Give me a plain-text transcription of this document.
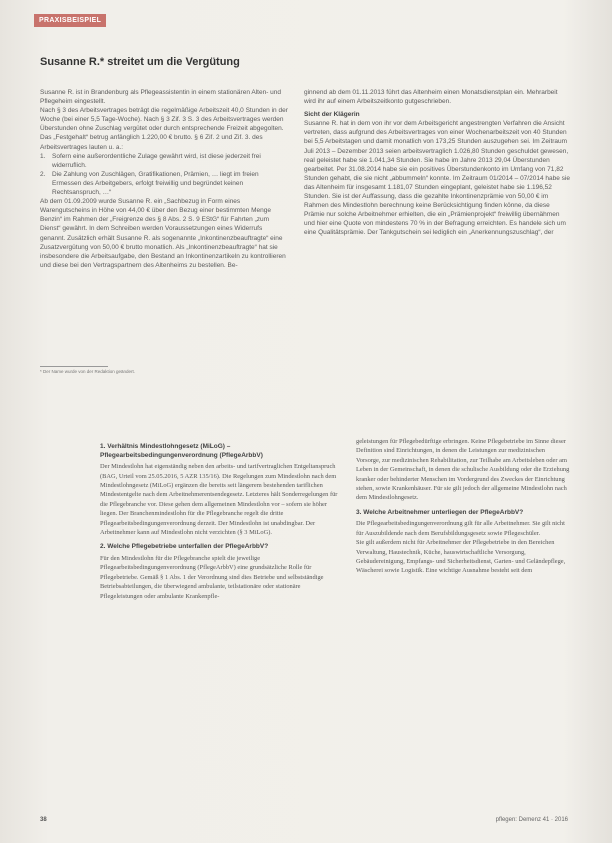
PRAXISBEISPIEL
Susanne R.* streitet um die Vergütung

Susanne R. ist in Brandenburg als Pflegeassistentin in einem stationären Alten- und Pflegeheim eingestellt.

Nach § 3 des Arbeitsvertrages beträgt die regelmäßige Arbeitszeit 40,0 Stunden in der Woche (bei einer 5,5 Tage-Woche). Nach § 3 Zif. 3 S. 3 des Arbeitsvertrages werden Überstunden ohne Zuschlag vergütet oder durch entsprechende Freizeit abgegolten. Das „Festgehalt“ betrug anfänglich 1.220,00 € brutto. § 6 Zif. 2 und Zif. 3. des Arbeitsvertrages lauten u. a.:

1.	Sofern eine außerordentliche Zulage gewährt wird, ist diese jederzeit frei widerruflich.
2.	Die Zahlung von Zuschlägen, Gratifikationen, Prämien, … liegt im freien Ermessen des Arbeitgebers, erfolgt freiwillig und begründet keinen Rechtsanspruch, …“

Ab dem 01.09.2009 wurde Susanne R. ein „Sachbezug in Form eines Warengutscheins in Höhe von 44,00 € über den Bezug einer bestimmten Menge Benzin“ im Rahmen der „Freigrenze des § 8 Abs. 2 S. 9 EStG“ für Fahrten „zum Dienst“ gewährt. In dem Schreiben werden Voraussetzungen eines Widerrufs genannt. Zusätzlich erhält Susanne R. als sogenannte „Inkontinenzbeauftragte“ eine Zusatzvergütung von 50,00 € brutto monatlich. Als „Inkontinenzbeauftragte“ hat sie insbesondere die Arbeitsaufgabe, den Bestand an Inkontinenzartikeln zu kontrollieren und diese bei den Vertragspartnern des Altenheims zu bestellen. Be-

ginnend ab dem 01.11.2013 führt das Altenheim einen Monatsdienstplan ein. Mehrarbeit wird ihr auf einem Arbeitszeitkonto gutgeschrieben.

Sicht der Klägerin

Susanne R. hat in dem von ihr vor dem Arbeitsgericht angestrengten Verfahren die Ansicht vertreten, dass aufgrund des Arbeitsvertrages von einer Wochenarbeitszeit von 40 Stunden bei 5,5 Arbeitstagen und damit monatlich von 173,25 Stunden auszugehen sei. Im Zeitraum Juli 2013 – Dezember 2013 seien arbeitsvertraglich 1.026,80 Stunden geschuldet gewesen, real geleistet habe sie 1.041,34 Stunden. Sie habe im Jahre 2013 29,04 Überstunden gearbeitet. Per 31.08.2014 habe sie ein positives Überstundenkonto im Umfang von 71,82 Stunden gehabt, die sie nicht „abbummeln“ konnte. Im Zeitraum 01/2014 – 07/2014 habe sie das Altenheim für insgesamt 1.181,07 Stunden eingeplant, geleistet habe sie 1.196,52 Stunden. Sie ist der Auffassung, dass die gezahlte Inkontinenzprämie von 50,00 € im Rahmen des Mindestlohn berechnung keine Berücksichtigung finden könne, da diese Prämie nur solche Arbeitnehmer erhielten, die ein „Prämienprojekt“ freiwillig übernähmen und hier eine Quote von mindestens 70 % in der Befragung erreichten. Es handele sich um eine Qualitätsprämie. Der Tankgutschein sei lediglich ein „Anerkennungszuschlag“, der

* Der Name wurde von der Redaktion geändert.

1. Verhältnis Mindestlohngesetz (MiLoG) – Pflegearbeitsbedingungenverordnung (PflegeArbbV)

Der Mindestlohn hat eigenständig neben den arbeits- und tarifvertraglichen Entgeltanspruch (BAG, Urteil vom 25.05.2016, 5 AZR 135/16). Die Regelungen zum Mindestlohn nach dem Mindestlohngesetz (MiLoG) ergänzen die bereits seit längerem bestehenden tariflichen Mindestentgelte nach dem Arbeitnehmerentsendegesetz. Letzteres hält Sonderregelungen für die Pflegebranche vor. Diese gehen dem allgemeinen Mindestlohn vor – sofern sie höher liegen. Der Branchenmindestlohn für die Pflegebranche regelt die dritte Pflegearbeitsbedingungenverordnung derzeit. Der Mindestlohn ist unabdingbar. Der Arbeitnehmer kann auf Mindestlohn nicht verzichten (§ 3 MiLoG).

2. Welche Pflegebetriebe unterfallen der PflegeArbbV?

Für den Mindestlohn für die Pflegebranche spielt die jeweilige Pflegearbeitsbedingungenverordnung (PflegeArbbV) eine grundsätzliche Rolle für Pflegebetriebe. Gemäß § 1 Abs. 1 der Verordnung sind dies Betriebe und selbstständige Betriebsabteilungen, die überwiegend ambulante, teilstationäre oder stationäre Pflegeleistungen oder ambulante Krankenpfle-

geleistungen für Pflegebedürftige erbringen. Keine Pflegebetriebe im Sinne dieser Definition sind Einrichtungen, in denen die Leistungen zur medizinischen Vorsorge, zur medizinischen Rehabilitation, zur Teilhabe am Arbeitsleben oder am Leben in der Gemeinschaft, in denen die schulische Ausbildung oder die Erziehung kranker oder behinderter Menschen im Vordergrund des Zweckes der Einrichtung stehen, sowie Krankenhäuser. Für sie gilt jedoch der allgemeine Mindestlohn nach dem Mindestlohngesetz.

3. Welche Arbeitnehmer unterliegen der PflegeArbbV?

Die Pflegearbeitsbedingungenverordnung gilt für alle Arbeitnehmer. Sie gilt nicht für Auszubildende nach dem Berufsbildungsgesetz sowie Pflegeschüler.

Sie gilt außerdem nicht für Arbeitnehmer der Pflegebetriebe in den Bereichen Verwaltung, Haustechnik, Küche, hauswirtschaftliche Versorgung, Gebäudereinigung, Empfangs- und Sicherheitsdienst, Garten- und Geländepflege, Wäscherei sowie Logistik. Eine wichtige Ausnahme besteht seit dem

38	pflegen: Demenz 41 · 2016
